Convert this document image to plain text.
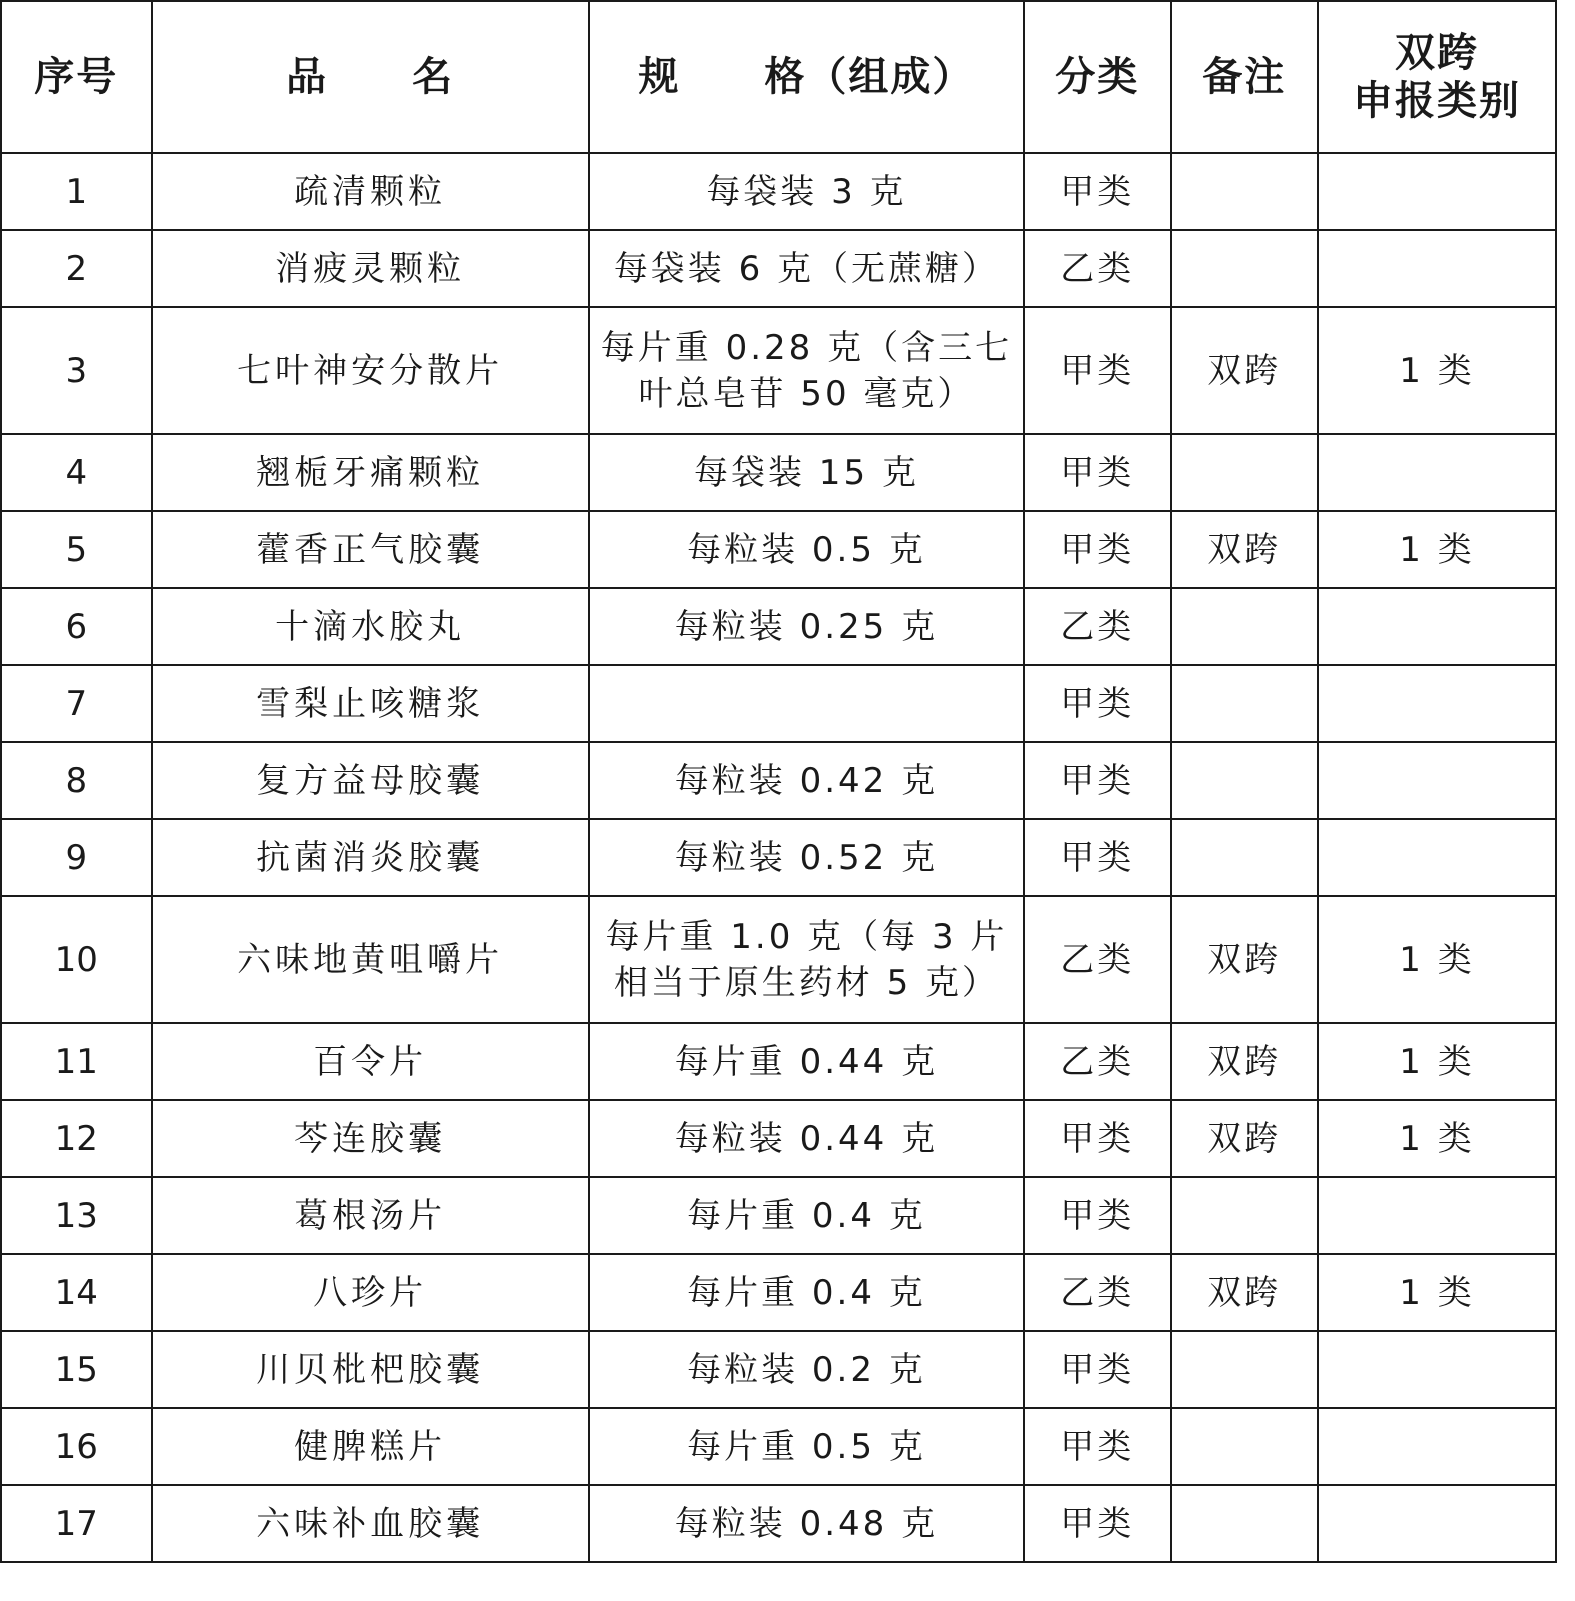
序号	品　　名	规　　格（组成）	分类	备注	双跨
申报类别

1	疏清颗粒	每袋装 3 克	甲类		
2	消疲灵颗粒	每袋装 6 克（无蔗糖）	乙类		
3	七叶神安分散片	每片重 0.28 克（含三七叶总皂苷 50 毫克）	甲类	双跨	1 类
4	翘栀牙痛颗粒	每袋装 15 克	甲类		
5	藿香正气胶囊	每粒装 0.5 克	甲类	双跨	1 类
6	十滴水胶丸	每粒装 0.25 克	乙类		
7	雪梨止咳糖浆		甲类		
8	复方益母胶囊	每粒装 0.42 克	甲类		
9	抗菌消炎胶囊	每粒装 0.52 克	甲类		
10	六味地黄咀嚼片	每片重 1.0 克（每 3 片相当于原生药材 5 克）	乙类	双跨	1 类
11	百令片	每片重 0.44 克	乙类	双跨	1 类
12	芩连胶囊	每粒装 0.44 克	甲类	双跨	1 类
13	葛根汤片	每片重 0.4 克	甲类		
14	八珍片	每片重 0.4 克	乙类	双跨	1 类
15	川贝枇杷胶囊	每粒装 0.2 克	甲类		
16	健脾糕片	每片重 0.5 克	甲类		
17	六味补血胶囊	每粒装 0.48 克	甲类		
